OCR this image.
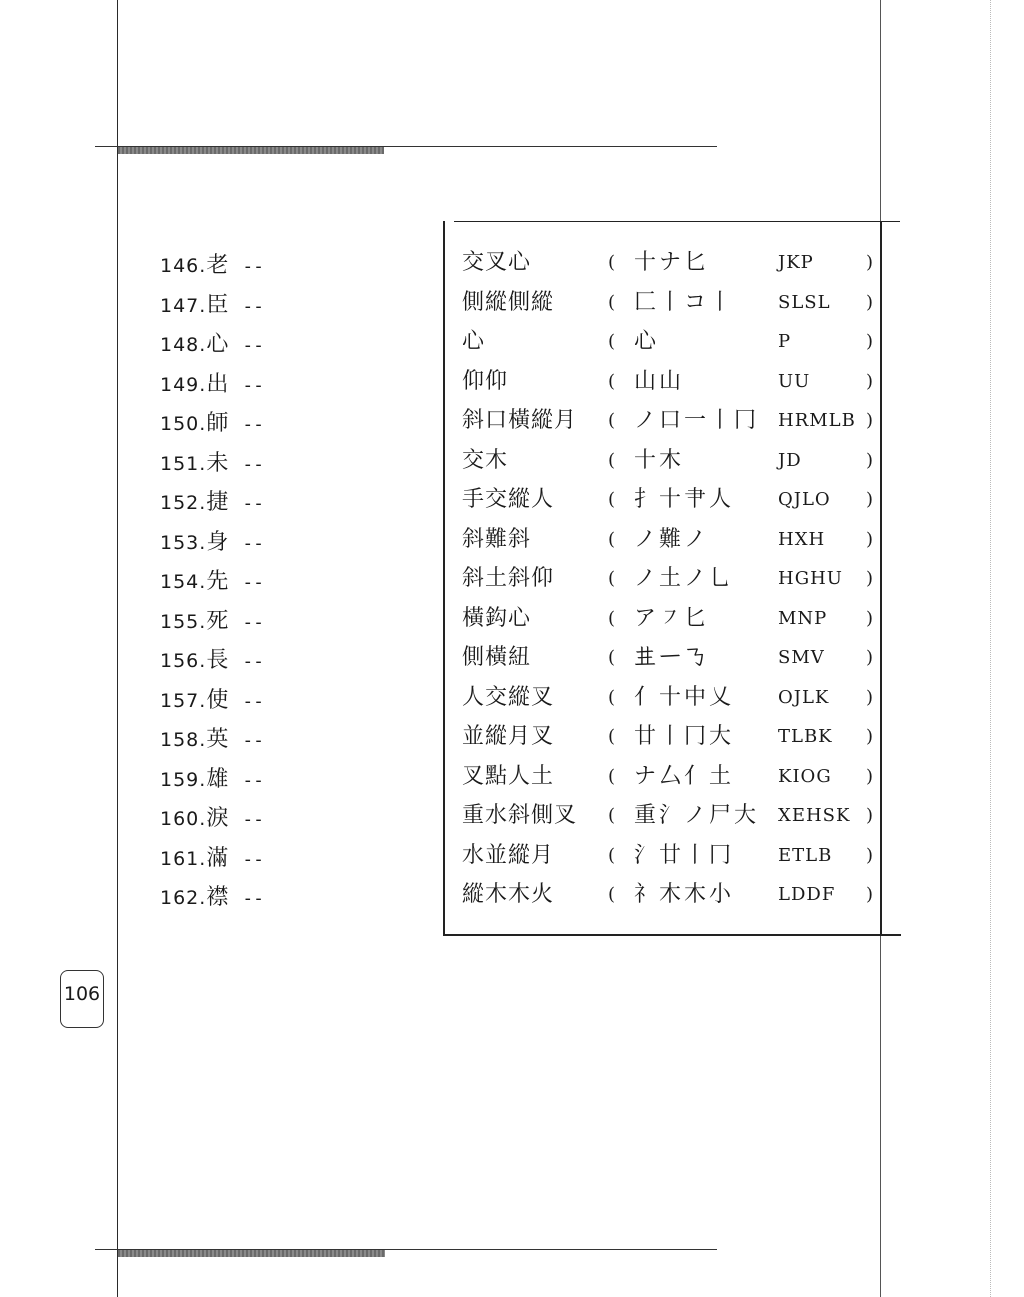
146.老 --
147.臣 --
148.心 --
149.出 --
150.師 --
151.未 --
152.捷 --
153.身 --
154.先 --
155.死 --
156.長 --
157.使 --
158.英 --
159.雄 --
160.淚 --
161.滿 --
162.襟 --
交叉心	( 十ナ匕	JKP	)
側縱側縱	( 匚丨コ丨 SLSL )
心	( 心	P	)
仰仰	( 山山	UU	)
斜口橫縱月 ( ノ口一丨冂 HRMLB )
交木	( 十木	JD	)
手交縱人	( 扌十肀人 QJLO )
斜難斜	( ノ難ノ	HXH )
斜土斜仰	( ノ土ノ乚 HGHU )
橫鈎心	( ア㇇匕	MNP )
側橫紐	( 𠀎一𠄎	SMV )
人交縱叉	( 亻十中乂 OJLK )
並縱月叉	( 廿丨冂大 TLBK )
叉點人土	( ナ厶亻土 KIOG )
重水斜側叉 ( 重氵ノ尸大 XEHSK )
水並縱月	( 氵廿丨冂 ETLB )
縱木木火	( 礻木木小 LDDF )
106
